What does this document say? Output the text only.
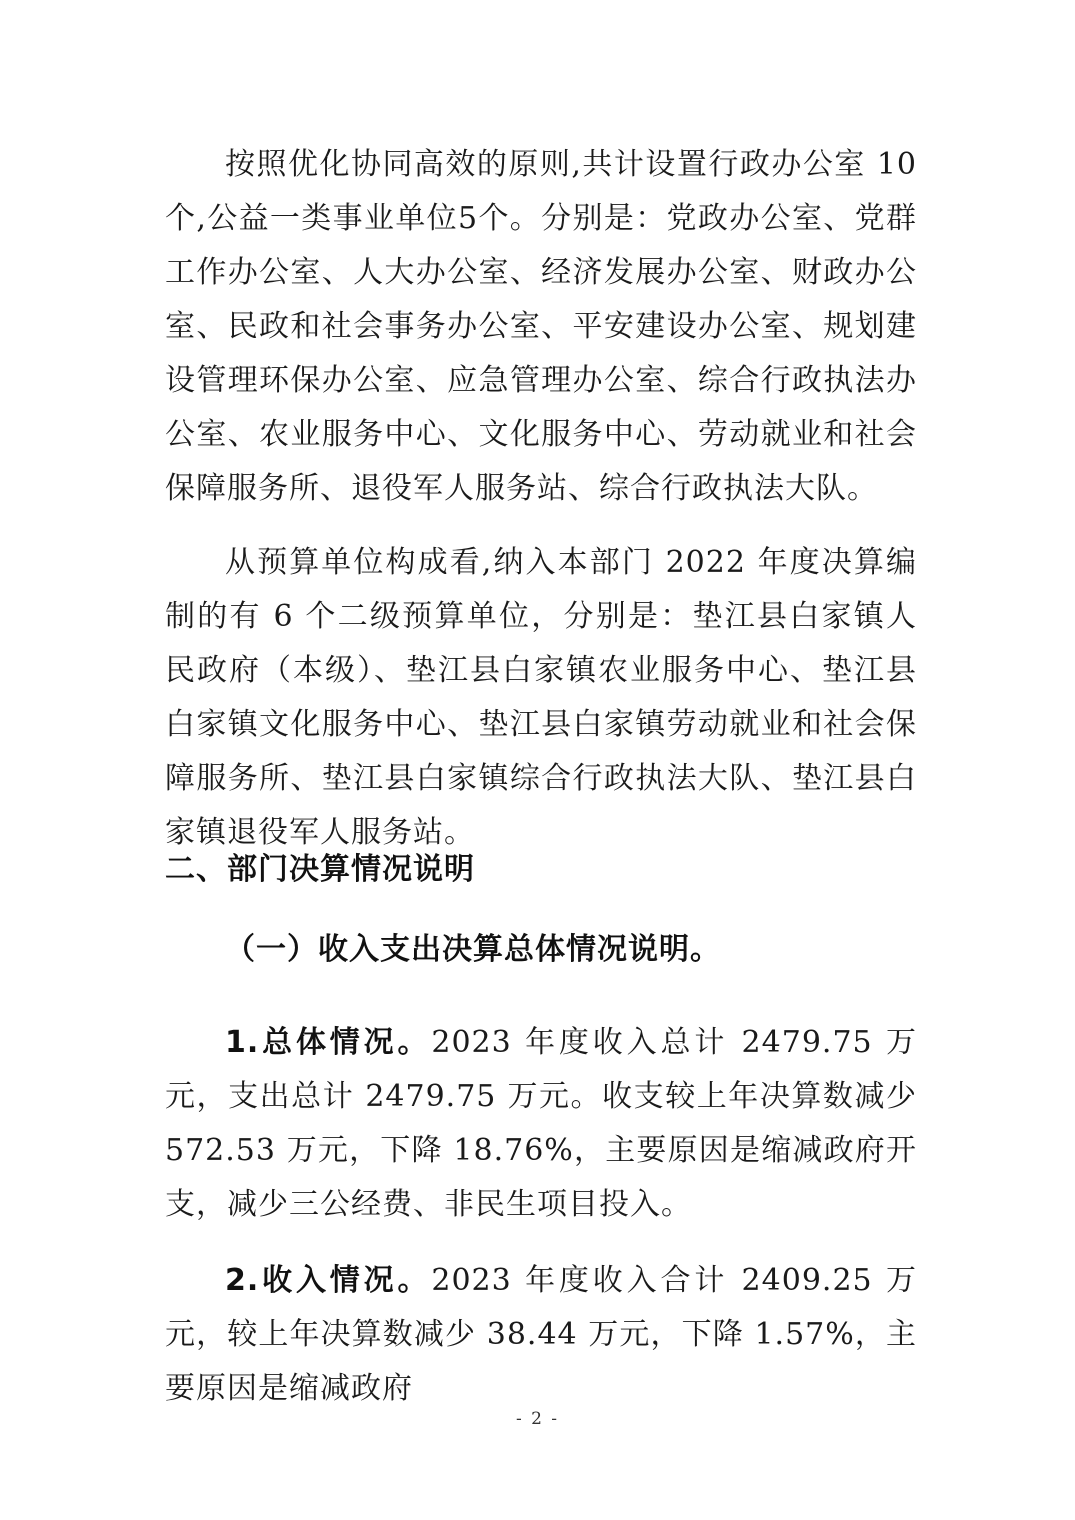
按照优化协同高效的原则,共计设置行政办公室 10个,公益一类事业单位5个。分别是：党政办公室、党群工作办公室、人大办公室、经济发展办公室、财政办公室、民政和社会事务办公室、平安建设办公室、规划建设管理环保办公室、应急管理办公室、综合行政执法办公室、农业服务中心、文化服务中心、劳动就业和社会保障服务所、退役军人服务站、综合行政执法大队。

从预算单位构成看,纳入本部门 2022 年度决算编制的有 6 个二级预算单位，分别是：垫江县白家镇人民政府（本级）、垫江县白家镇农业服务中心、垫江县白家镇文化服务中心、垫江县白家镇劳动就业和社会保障服务所、垫江县白家镇综合行政执法大队、垫江县白家镇退役军人服务站。

二、部门决算情况说明
（一）收入支出决算总体情况说明。

1.总体情况。2023 年度收入总计 2479.75 万元，支出总计 2479.75 万元。收支较上年决算数减少 572.53 万元，下降 18.76%，主要原因是缩减政府开支，减少三公经费、非民生项目投入。

2.收入情况。2023 年度收入合计 2409.25 万元，较上年决算数减少 38.44 万元，下降 1.57%，主要原因是缩减政府

- 2 -
